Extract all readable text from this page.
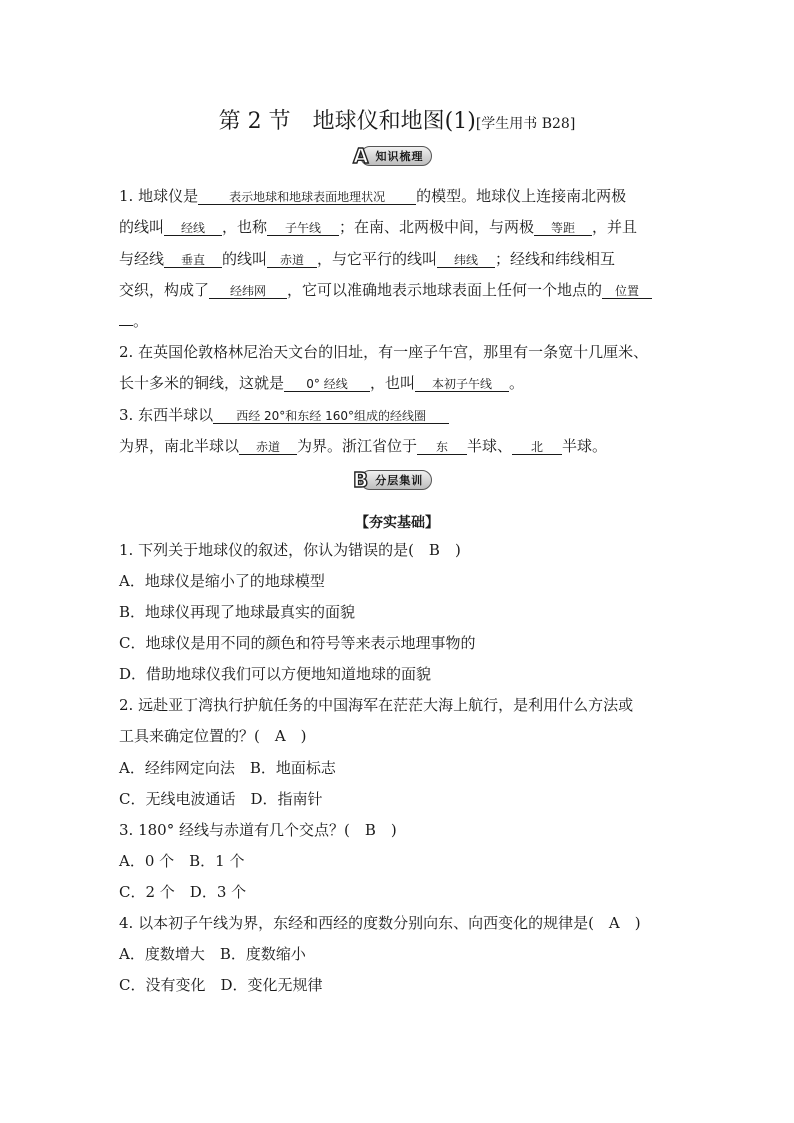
第 2 节　地球仪和地图(1)[学生用书 B28]
A 知识梳理
1. 地球仪是	表示地球和地球表面地理状况 的模型。地球仪上连接南北两极
的线叫 经线 ，也称 子午线 ；在南、北两极中间，与两极 等距 ，并且
与经线 垂直 的线叫 赤道 ，与它平行的线叫 纬线 ；经线和纬线相互
交织，构成了 经纬网 ，它可以准确地表示地球表面上任何一个地点的 位置
。
2. 在英国伦敦格林尼治天文台的旧址，有一座子午宫，那里有一条宽十几厘米、
长十多米的铜线，这就是 0° 经线 ，也叫 本初子午线 。
3. 东西半球以 西经 20°和东经 160°组成的经线圈
为界，南北半球以 赤道 为界。浙江省位于 东 半球、 北 半球。
B 分层集训
【夯实基础】
1. 下列关于地球仪的叙述，你认为错误的是(　B　)
A．地球仪是缩小了的地球模型
B．地球仪再现了地球最真实的面貌
C．地球仪是用不同的颜色和符号等来表示地理事物的
D．借助地球仪我们可以方便地知道地球的面貌
2. 远赴亚丁湾执行护航任务的中国海军在茫茫大海上航行，是利用什么方法或
工具来确定位置的？(　A　)
A．经纬网定向法　B．地面标志
C．无线电波通话　D．指南针
3. 180° 经线与赤道有几个交点？(　B　)
A．0 个　B．1 个
C．2 个　D．3 个
4. 以本初子午线为界，东经和西经的度数分别向东、向西变化的规律是(　A　)
A．度数增大　B．度数缩小
C．没有变化　D．变化无规律
